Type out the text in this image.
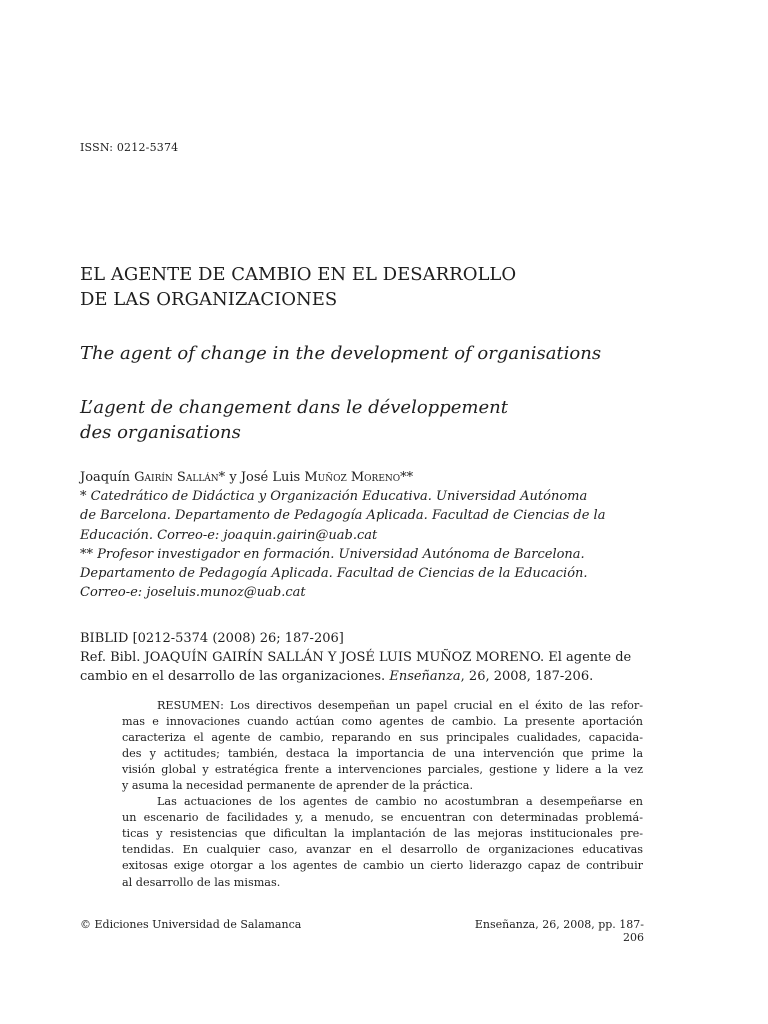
ISSN: 0212-5374
EL AGENTE DE CAMBIO EN EL DESARROLLO
DE LAS ORGANIZACIONES
The agent of change in the development of organisations
L’agent de changement dans le développement
des organisations
Joaquín Gairín Sallán* y José Luis Muñoz Moreno**
* Catedrático de Didáctica y Organización Educativa. Universidad Autónoma
de Barcelona. Departamento de Pedagogía Aplicada. Facultad de Ciencias de la
Educación. Correo-e: joaquin.gairin@uab.cat
** Profesor investigador en formación. Universidad Autónoma de Barcelona.
Departamento de Pedagogía Aplicada. Facultad de Ciencias de la Educación.
Correo-e: joseluis.munoz@uab.cat
BIBLID [0212-5374 (2008) 26; 187-206]
Ref. Bibl. JOAQUÍN GAIRÍN SALLÁN Y JOSÉ LUIS MUÑOZ MORENO. El agente de
cambio en el desarrollo de las organizaciones. Enseñanza, 26, 2008, 187-206.
RESUMEN: Los directivos desempeñan un papel crucial en el éxito de las refor-
mas e innovaciones cuando actúan como agentes de cambio. La presente aportación
caracteriza el agente de cambio, reparando en sus principales cualidades, capacida-
des y actitudes; también, destaca la importancia de una intervención que prime la
visión global y estratégica frente a intervenciones parciales, gestione y lidere a la vez
y asuma la necesidad permanente de aprender de la práctica.
Las actuaciones de los agentes de cambio no acostumbran a desempeñarse en
un escenario de facilidades y, a menudo, se encuentran con determinadas problemá-
ticas y resistencias que dificultan la implantación de las mejoras institucionales pre-
tendidas. En cualquier caso, avanzar en el desarrollo de organizaciones educativas
exitosas exige otorgar a los agentes de cambio un cierto liderazgo capaz de contribuir
al desarrollo de las mismas.
© Ediciones Universidad de Salamanca	Enseñanza, 26, 2008, pp. 187-206
